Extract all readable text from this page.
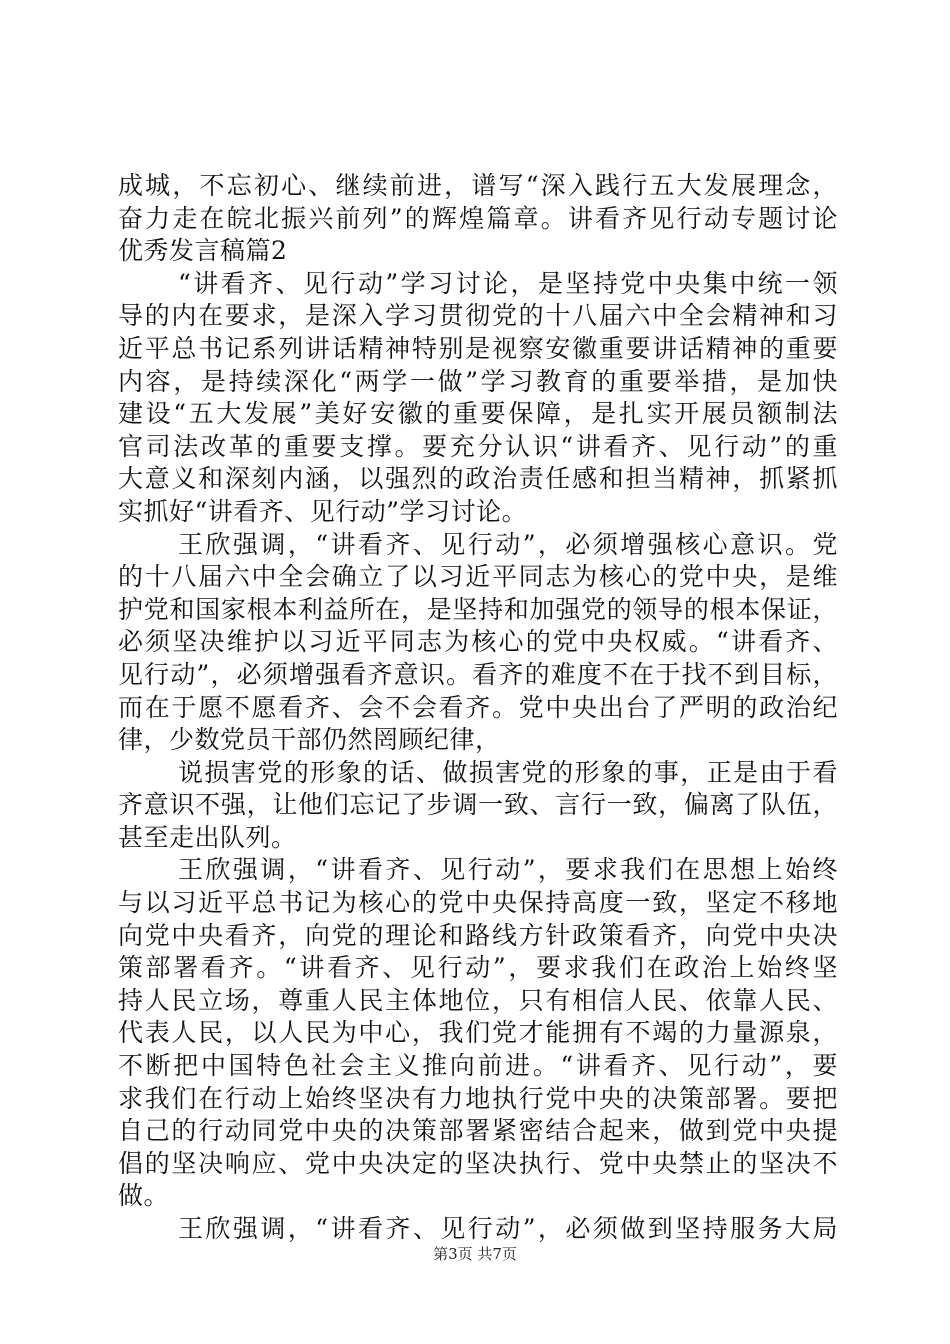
成城，不忘初心、继续前进，谱写“深入践行五大发展理念，
奋力走在皖北振兴前列”的辉煌篇章。讲看齐见行动专题讨论
优秀发言稿篇2
“讲看齐、见行动”学习讨论，是坚持党中央集中统一领
导的内在要求，是深入学习贯彻党的十八届六中全会精神和习
近平总书记系列讲话精神特别是视察安徽重要讲话精神的重要
内容，是持续深化“两学一做”学习教育的重要举措，是加快
建设“五大发展”美好安徽的重要保障，是扎实开展员额制法
官司法改革的重要支撑。要充分认识“讲看齐、见行动”的重
大意义和深刻内涵，以强烈的政治责任感和担当精神，抓紧抓
实抓好“讲看齐、见行动”学习讨论。
王欣强调，“讲看齐、见行动”，必须增强核心意识。党
的十八届六中全会确立了以习近平同志为核心的党中央，是维
护党和国家根本利益所在，是坚持和加强党的领导的根本保证，
必须坚决维护以习近平同志为核心的党中央权威。“讲看齐、
见行动”，必须增强看齐意识。看齐的难度不在于找不到目标，
而在于愿不愿看齐、会不会看齐。党中央出台了严明的政治纪
律，少数党员干部仍然罔顾纪律，
说损害党的形象的话、做损害党的形象的事，正是由于看
齐意识不强，让他们忘记了步调一致、言行一致，偏离了队伍，
甚至走出队列。
王欣强调，“讲看齐、见行动”，要求我们在思想上始终
与以习近平总书记为核心的党中央保持高度一致，坚定不移地
向党中央看齐，向党的理论和路线方针政策看齐，向党中央决
策部署看齐。“讲看齐、见行动”，要求我们在政治上始终坚
持人民立场，尊重人民主体地位，只有相信人民、依靠人民、
代表人民，以人民为中心，我们党才能拥有不竭的力量源泉，
不断把中国特色社会主义推向前进。“讲看齐、见行动”，要
求我们在行动上始终坚决有力地执行党中央的决策部署。要把
自己的行动同党中央的决策部署紧密结合起来，做到党中央提
倡的坚决响应、党中央决定的坚决执行、党中央禁止的坚决不
做。
王欣强调，“讲看齐、见行动”，必须做到坚持服务大局
第3页 共7页
